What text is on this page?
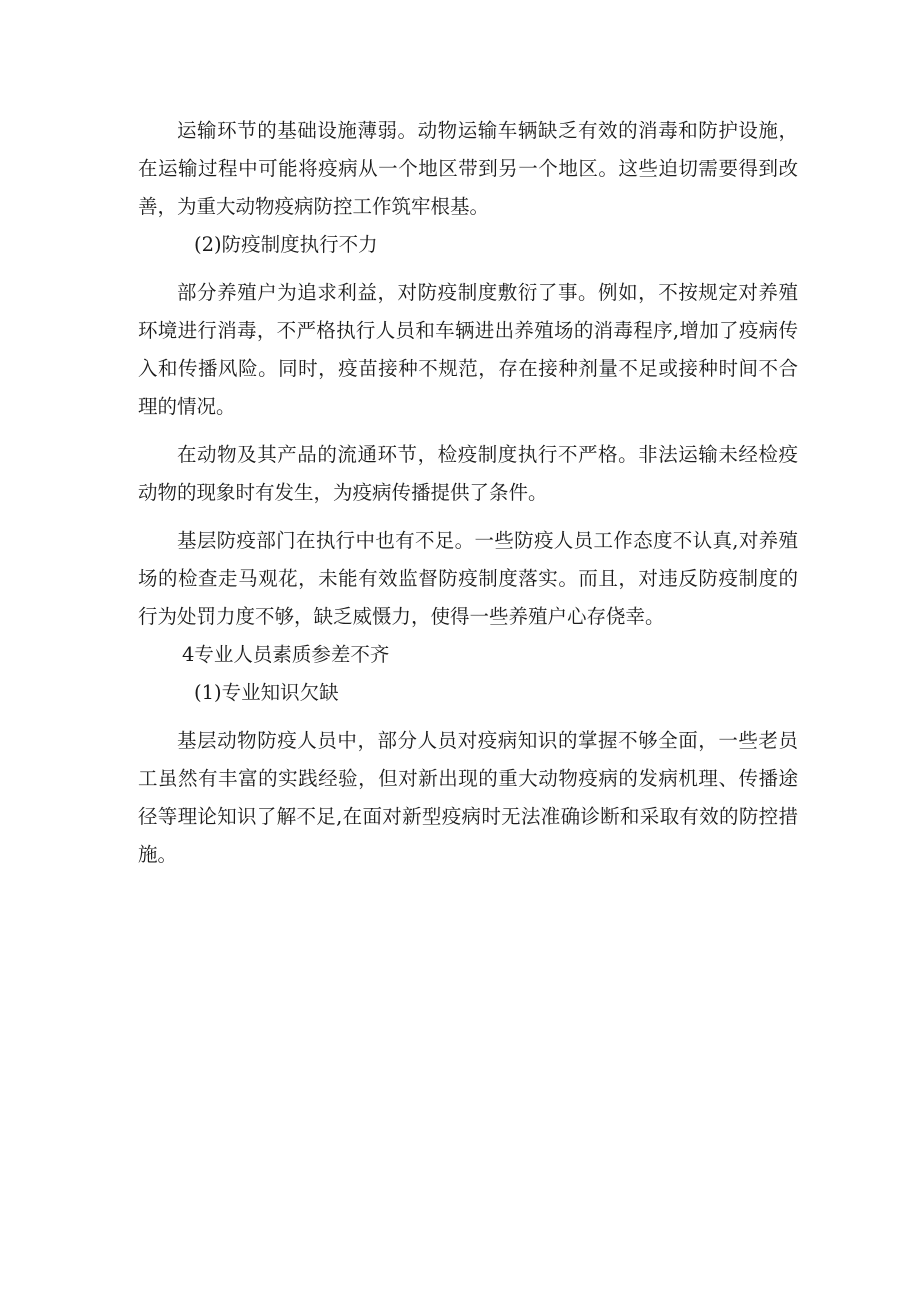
运输环节的基础设施薄弱。动物运输车辆缺乏有效的消毒和防护设施，在运输过程中可能将疫病从一个地区带到另一个地区。这些迫切需要得到改善，为重大动物疫病防控工作筑牢根基。

(2)防疫制度执行不力

部分养殖户为追求利益，对防疫制度敷衍了事。例如，不按规定对养殖环境进行消毒，不严格执行人员和车辆进出养殖场的消毒程序,增加了疫病传入和传播风险。同时，疫苗接种不规范，存在接种剂量不足或接种时间不合理的情况。

在动物及其产品的流通环节，检疫制度执行不严格。非法运输未经检疫动物的现象时有发生，为疫病传播提供了条件。

基层防疫部门在执行中也有不足。一些防疫人员工作态度不认真,对养殖场的检查走马观花，未能有效监督防疫制度落实。而且，对违反防疫制度的行为处罚力度不够，缺乏威慑力，使得一些养殖户心存侥幸。

4专业人员素质参差不齐

(1)专业知识欠缺

基层动物防疫人员中，部分人员对疫病知识的掌握不够全面，一些老员工虽然有丰富的实践经验，但对新出现的重大动物疫病的发病机理、传播途径等理论知识了解不足,在面对新型疫病时无法准确诊断和采取有效的防控措施。
